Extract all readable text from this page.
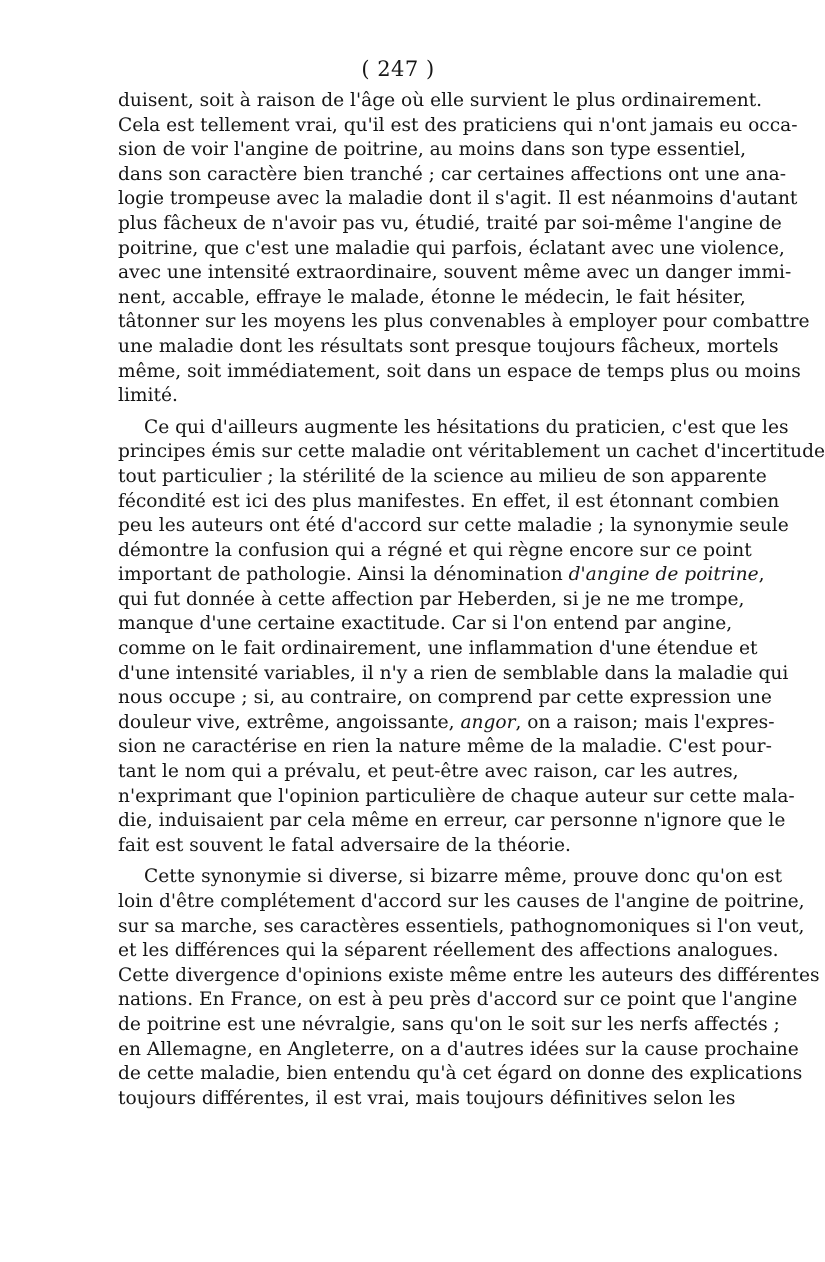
( 247 )
duisent, soit à raison de l'âge où elle survient le plus ordinairement.
Cela est tellement vrai, qu'il est des praticiens qui n'ont jamais eu occa-
sion de voir l'angine de poitrine, au moins dans son type essentiel,
dans son caractère bien tranché ; car certaines affections ont une ana-
logie trompeuse avec la maladie dont il s'agit. Il est néanmoins d'autant
plus fâcheux de n'avoir pas vu, étudié, traité par soi-même l'angine de
poitrine, que c'est une maladie qui parfois, éclatant avec une violence,
avec une intensité extraordinaire, souvent même avec un danger immi-
nent, accable, effraye le malade, étonne le médecin, le fait hésiter,
tâtonner sur les moyens les plus convenables à employer pour combattre
une maladie dont les résultats sont presque toujours fâcheux, mortels
même, soit immédiatement, soit dans un espace de temps plus ou moins
limité.
Ce qui d'ailleurs augmente les hésitations du praticien, c'est que les
principes émis sur cette maladie ont véritablement un cachet d'incertitude
tout particulier ; la stérilité de la science au milieu de son apparente
fécondité est ici des plus manifestes. En effet, il est étonnant combien
peu les auteurs ont été d'accord sur cette maladie ; la synonymie seule
démontre la confusion qui a régné et qui règne encore sur ce point
important de pathologie. Ainsi la dénomination d'angine de poitrine,
qui fut donnée à cette affection par Heberden, si je ne me trompe,
manque d'une certaine exactitude. Car si l'on entend par angine,
comme on le fait ordinairement, une inflammation d'une étendue et
d'une intensité variables, il n'y a rien de semblable dans la maladie qui
nous occupe ; si, au contraire, on comprend par cette expression une
douleur vive, extrême, angoissante, angor, on a raison; mais l'expres-
sion ne caractérise en rien la nature même de la maladie. C'est pour-
tant le nom qui a prévalu, et peut-être avec raison, car les autres,
n'exprimant que l'opinion particulière de chaque auteur sur cette mala-
die, induisaient par cela même en erreur, car personne n'ignore que le
fait est souvent le fatal adversaire de la théorie.
Cette synonymie si diverse, si bizarre même, prouve donc qu'on est
loin d'être complétement d'accord sur les causes de l'angine de poitrine,
sur sa marche, ses caractères essentiels, pathognomoniques si l'on veut,
et les différences qui la séparent réellement des affections analogues.
Cette divergence d'opinions existe même entre les auteurs des différentes
nations. En France, on est à peu près d'accord sur ce point que l'angine
de poitrine est une névralgie, sans qu'on le soit sur les nerfs affectés ;
en Allemagne, en Angleterre, on a d'autres idées sur la cause prochaine
de cette maladie, bien entendu qu'à cet égard on donne des explications
toujours différentes, il est vrai, mais toujours définitives selon les
